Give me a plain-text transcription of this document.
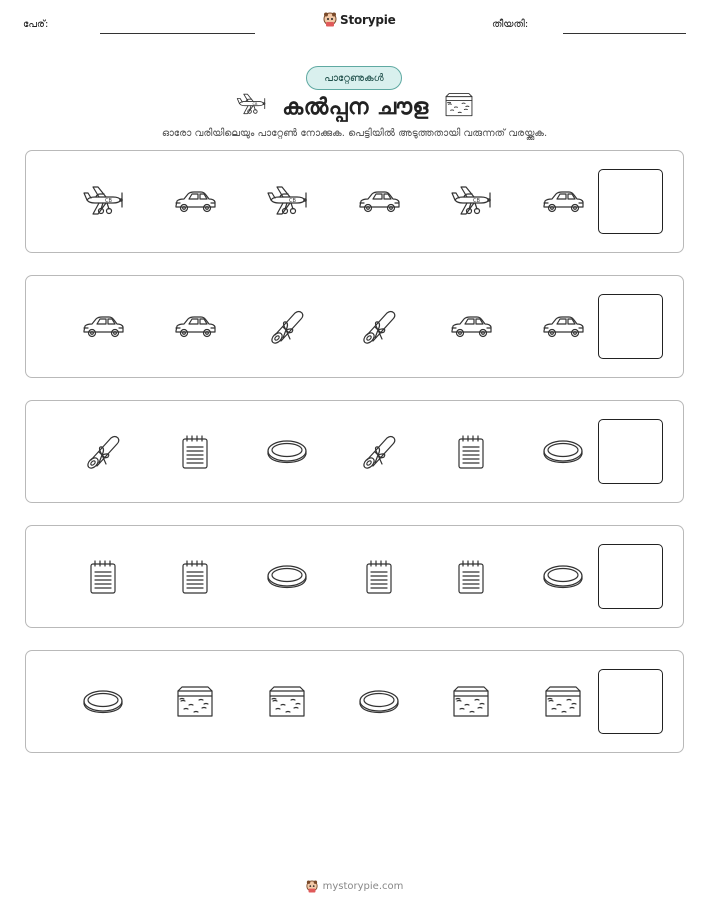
പേര്:	Storypie	തീയതി:
പാറ്റേണുകൾ
CB കൽപ്പന ചൗള
ഓരോ വരിയിലെയും പാറ്റേൺ നോക്കുക. പെട്ടിയിൽ അടുത്തതായി വരുന്നത് വരയ്ക്കുക.
CB	CB	CB
mystorypie.com
